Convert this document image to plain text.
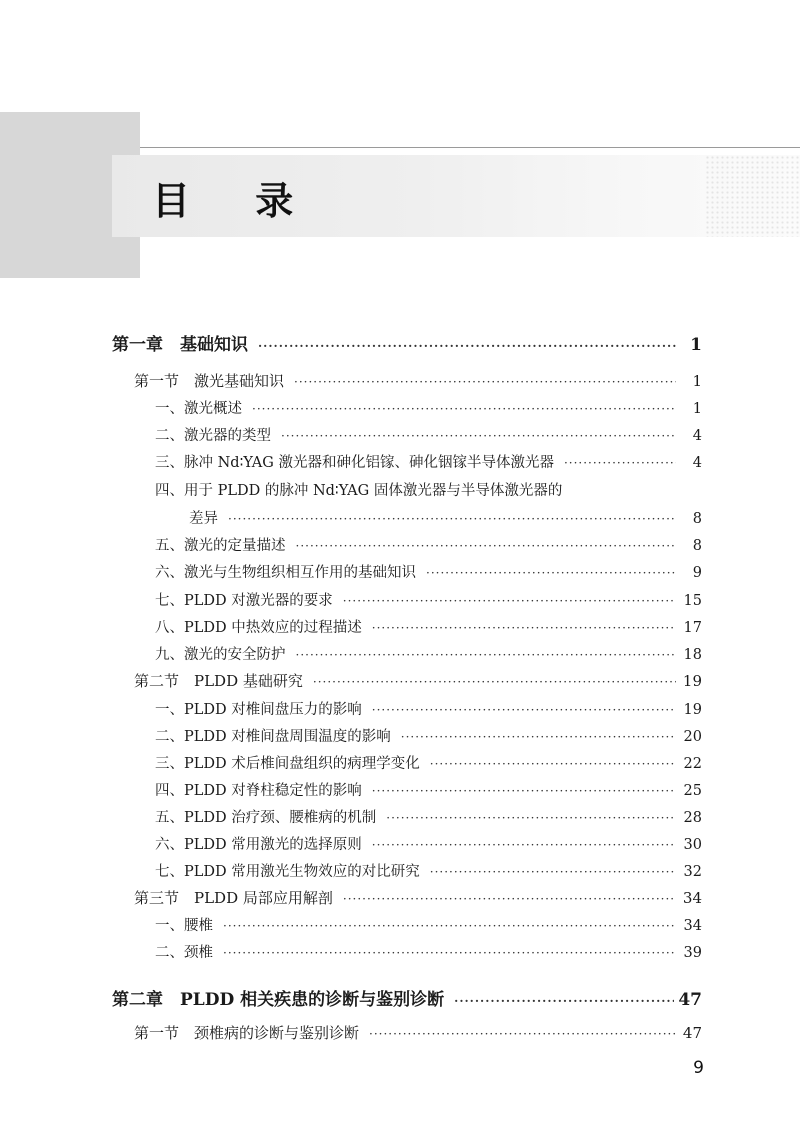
目 录
第一章　基础知识 ·····	1
第一节　激光基础知识 ·····	1
一、激光概述 ·····	1
二、激光器的类型 ·····	4
三、脉冲 Nd∶YAG 激光器和砷化铝镓、砷化铟镓半导体激光器 ·····	4
四、用于 PLDD 的脉冲 Nd∶YAG 固体激光器与半导体激光器的
差异 ·····	8
五、激光的定量描述 ·····	8
六、激光与生物组织相互作用的基础知识 ·····	9
七、PLDD 对激光器的要求 ·····	15
八、PLDD 中热效应的过程描述 ·····	17
九、激光的安全防护 ·····	18
第二节　PLDD 基础研究 ·····	19
一、PLDD 对椎间盘压力的影响 ·····	19
二、PLDD 对椎间盘周围温度的影响 ·····	20
三、PLDD 术后椎间盘组织的病理学变化 ·····	22
四、PLDD 对脊柱稳定性的影响 ·····	25
五、PLDD 治疗颈、腰椎病的机制 ·····	28
六、PLDD 常用激光的选择原则 ·····	30
七、PLDD 常用激光生物效应的对比研究 ·····	32
第三节　PLDD 局部应用解剖 ·····	34
一、腰椎 ·····	34
二、颈椎 ·····	39
第二章　PLDD 相关疾患的诊断与鉴别诊断 ·····	47
第一节　颈椎病的诊断与鉴别诊断 ·····	47
9
